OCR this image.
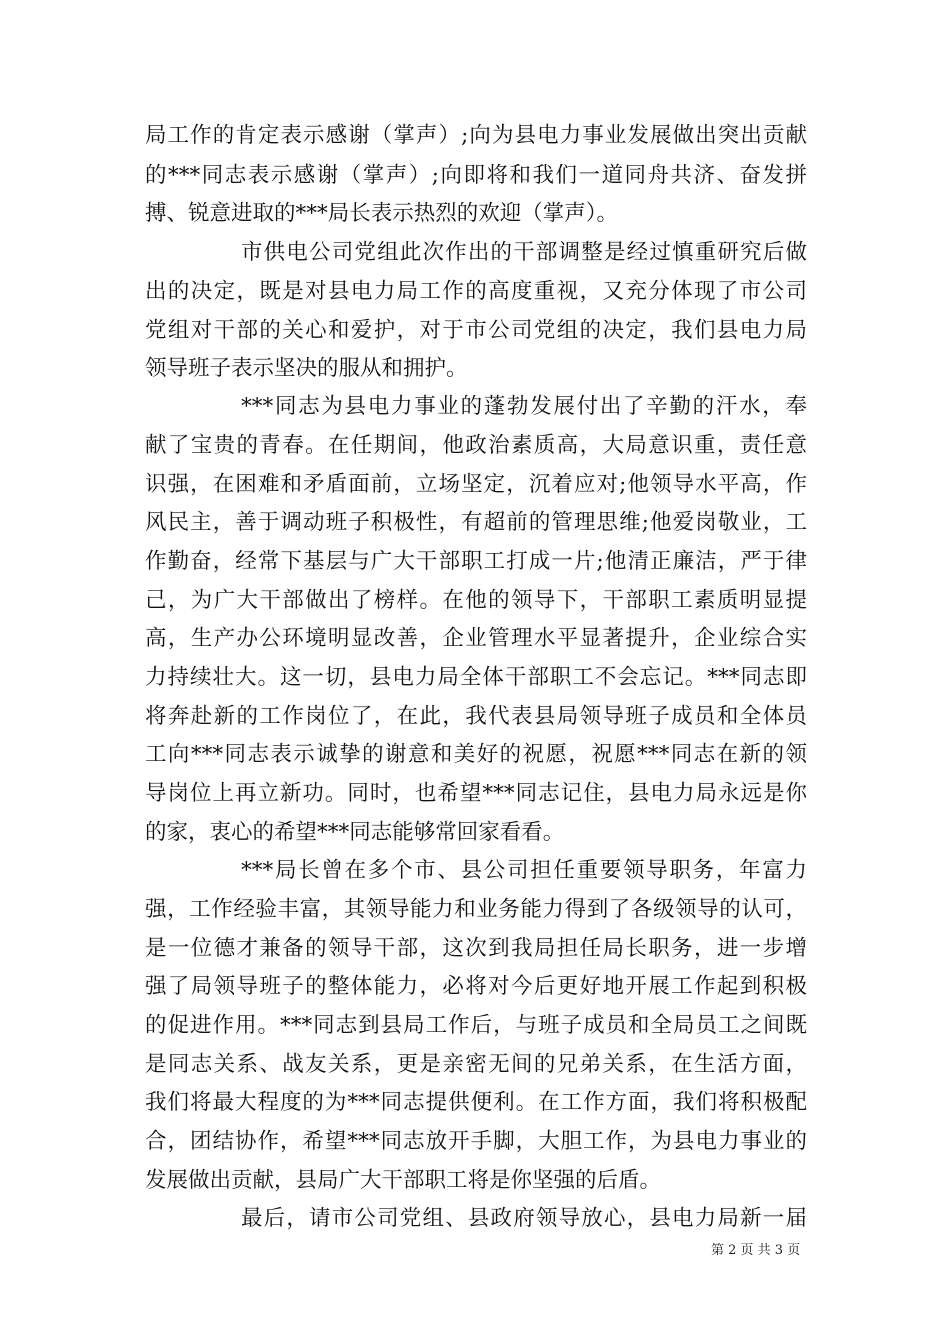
局工作的肯定表示感谢（掌声）;向为县电力事业发展做出突出贡献
的***同志表示感谢（掌声）;向即将和我们一道同舟共济、奋发拼
搏、锐意进取的***局长表示热烈的欢迎（掌声）。
市供电公司党组此次作出的干部调整是经过慎重研究后做
出的决定，既是对县电力局工作的高度重视，又充分体现了市公司
党组对干部的关心和爱护，对于市公司党组的决定，我们县电力局
领导班子表示坚决的服从和拥护。
***同志为县电力事业的蓬勃发展付出了辛勤的汗水，奉
献了宝贵的青春。在任期间，他政治素质高，大局意识重，责任意
识强，在困难和矛盾面前，立场坚定，沉着应对;他领导水平高，作
风民主，善于调动班子积极性，有超前的管理思维;他爱岗敬业，工
作勤奋，经常下基层与广大干部职工打成一片;他清正廉洁，严于律
己，为广大干部做出了榜样。在他的领导下，干部职工素质明显提
高，生产办公环境明显改善，企业管理水平显著提升，企业综合实
力持续壮大。这一切，县电力局全体干部职工不会忘记。***同志即
将奔赴新的工作岗位了，在此，我代表县局领导班子成员和全体员
工向***同志表示诚挚的谢意和美好的祝愿，祝愿***同志在新的领
导岗位上再立新功。同时，也希望***同志记住，县电力局永远是你
的家，衷心的希望***同志能够常回家看看。
***局长曾在多个市、县公司担任重要领导职务，年富力
强，工作经验丰富，其领导能力和业务能力得到了各级领导的认可，
是一位德才兼备的领导干部，这次到我局担任局长职务，进一步增
强了局领导班子的整体能力，必将对今后更好地开展工作起到积极
的促进作用。***同志到县局工作后，与班子成员和全局员工之间既
是同志关系、战友关系，更是亲密无间的兄弟关系，在生活方面，
我们将最大程度的为***同志提供便利。在工作方面，我们将积极配
合，团结协作，希望***同志放开手脚，大胆工作，为县电力事业的
发展做出贡献，县局广大干部职工将是你坚强的后盾。
最后，请市公司党组、县政府领导放心，县电力局新一届
第 2 页 共 3 页
